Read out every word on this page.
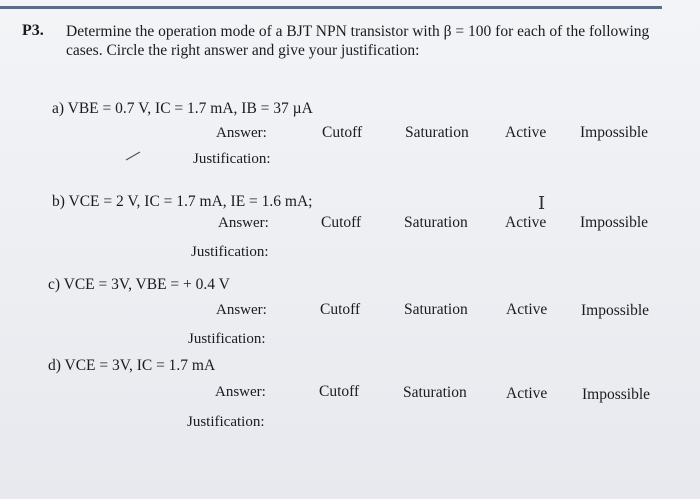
P3. Determine the operation mode of a BJT NPN transistor with β = 100 for each of the following cases. Circle the right answer and give your justification:
a) VBE = 0.7 V, IC = 1.7 mA, IB = 37 µA
Answer:	Cutoff	Saturation Active Impossible
Justification:
b) VCE = 2 V, IC = 1.7 mA, IE = 1.6 mA;	I
Answer:	Cutoff	Saturation Active Impossible
Justification:
c) VCE = 3V, VBE = + 0.4 V
Answer:	Cutoff	Saturation Active Impossible
Justification:
d) VCE = 3V, IC = 1.7 mA
Answer:	Cutoff	Saturation	Active Impossible
Justification:
